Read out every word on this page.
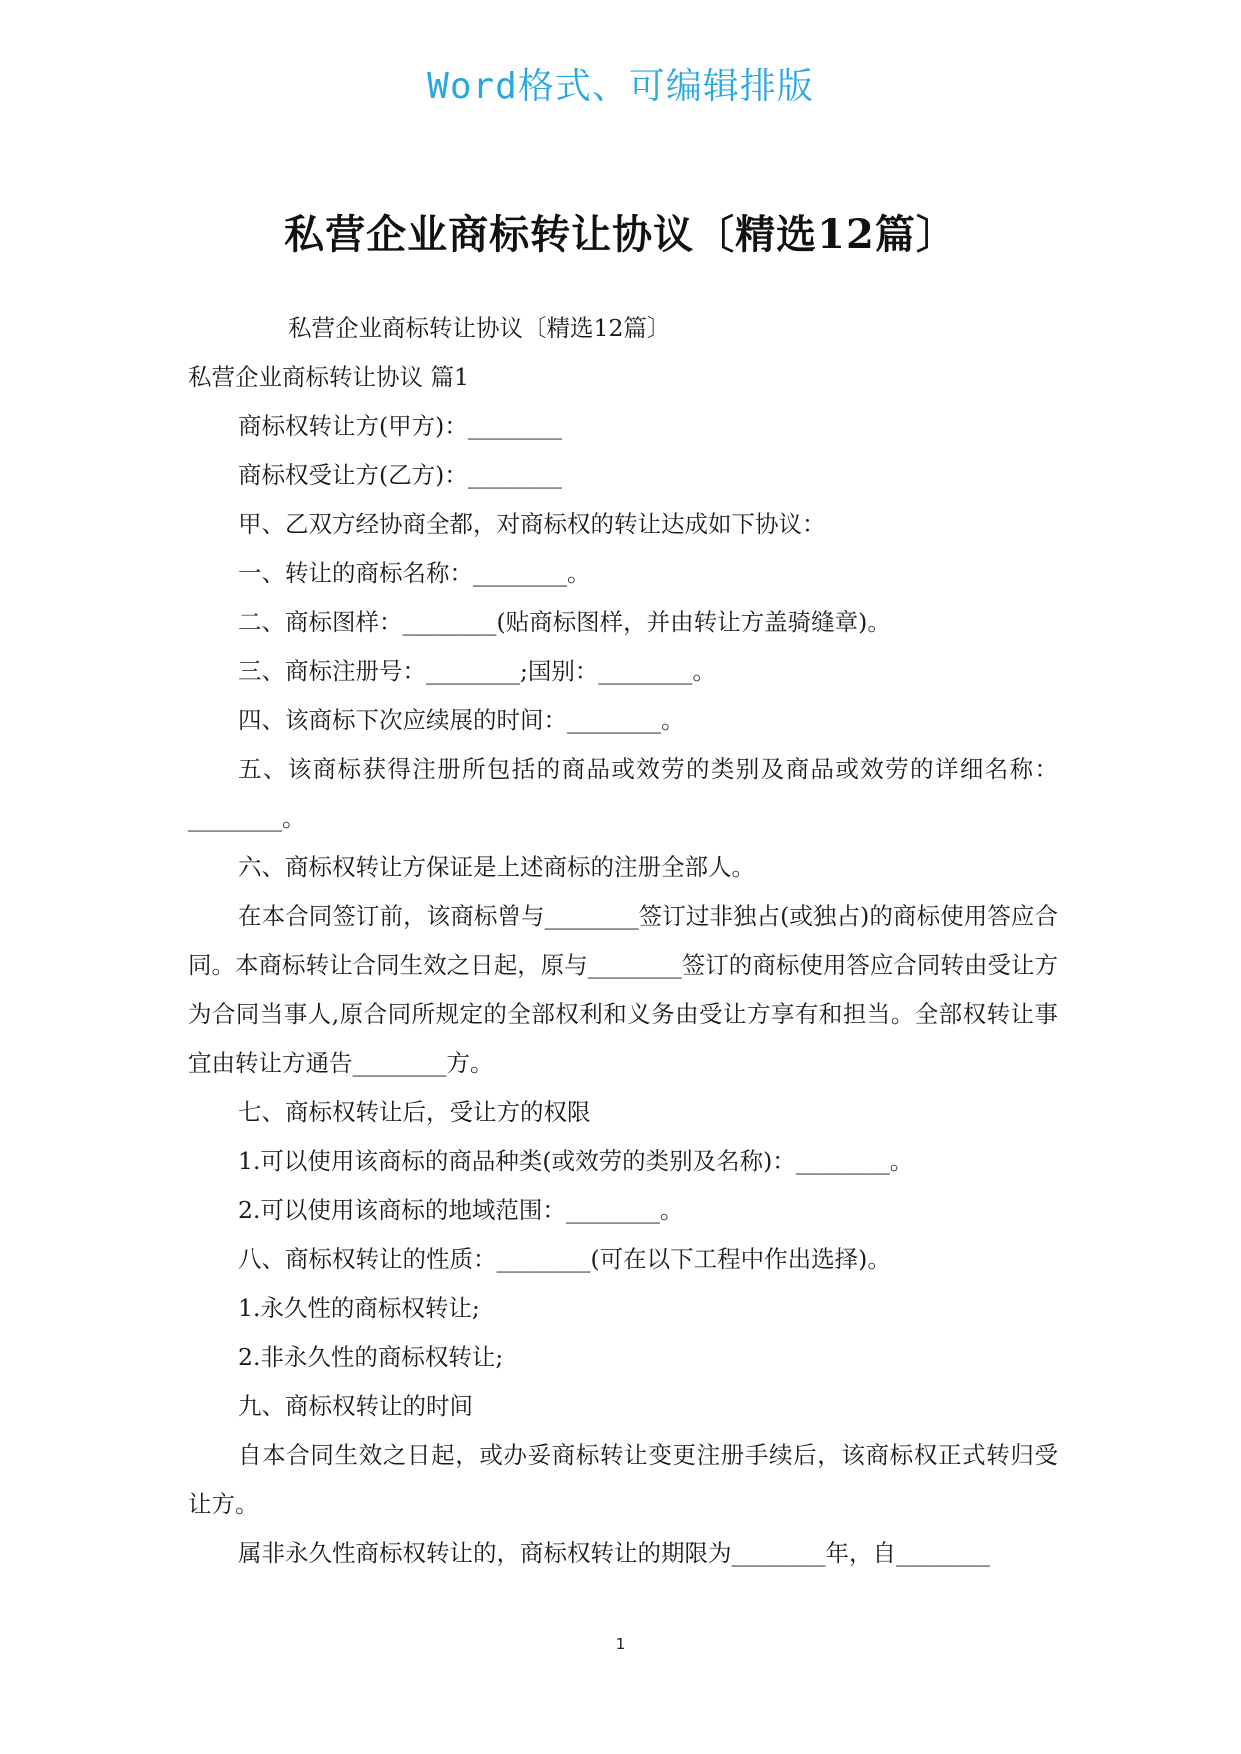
Word格式、可编辑排版
私营企业商标转让协议〔精选12篇〕

私营企业商标转让协议〔精选12篇〕

私营企业商标转让协议 篇1

商标权转让方(甲方)：________

商标权受让方(乙方)：________

甲、乙双方经协商全都，对商标权的转让达成如下协议：

一、转让的商标名称：________。

二、商标图样：________(贴商标图样，并由转让方盖骑缝章)。

三、商标注册号：________;国别：________。

四、该商标下次应续展的时间：________。

五、该商标获得注册所包括的商品或效劳的类别及商品或效劳的详细名称：________。

六、商标权转让方保证是上述商标的注册全部人。

在本合同签订前，该商标曾与________签订过非独占(或独占)的商标使用答应合同。本商标转让合同生效之日起，原与________签订的商标使用答应合同转由受让方为合同当事人,原合同所规定的全部权利和义务由受让方享有和担当。全部权转让事宜由转让方通告________方。

七、商标权转让后，受让方的权限

1.可以使用该商标的商品种类(或效劳的类别及名称)：________。

2.可以使用该商标的地域范围：________。

八、商标权转让的性质：________(可在以下工程中作出选择)。

1.永久性的商标权转让;

2.非永久性的商标权转让;

九、商标权转让的时间

自本合同生效之日起，或办妥商标转让变更注册手续后，该商标权正式转归受让方。

属非永久性商标权转让的，商标权转让的期限为________年，自________

1
